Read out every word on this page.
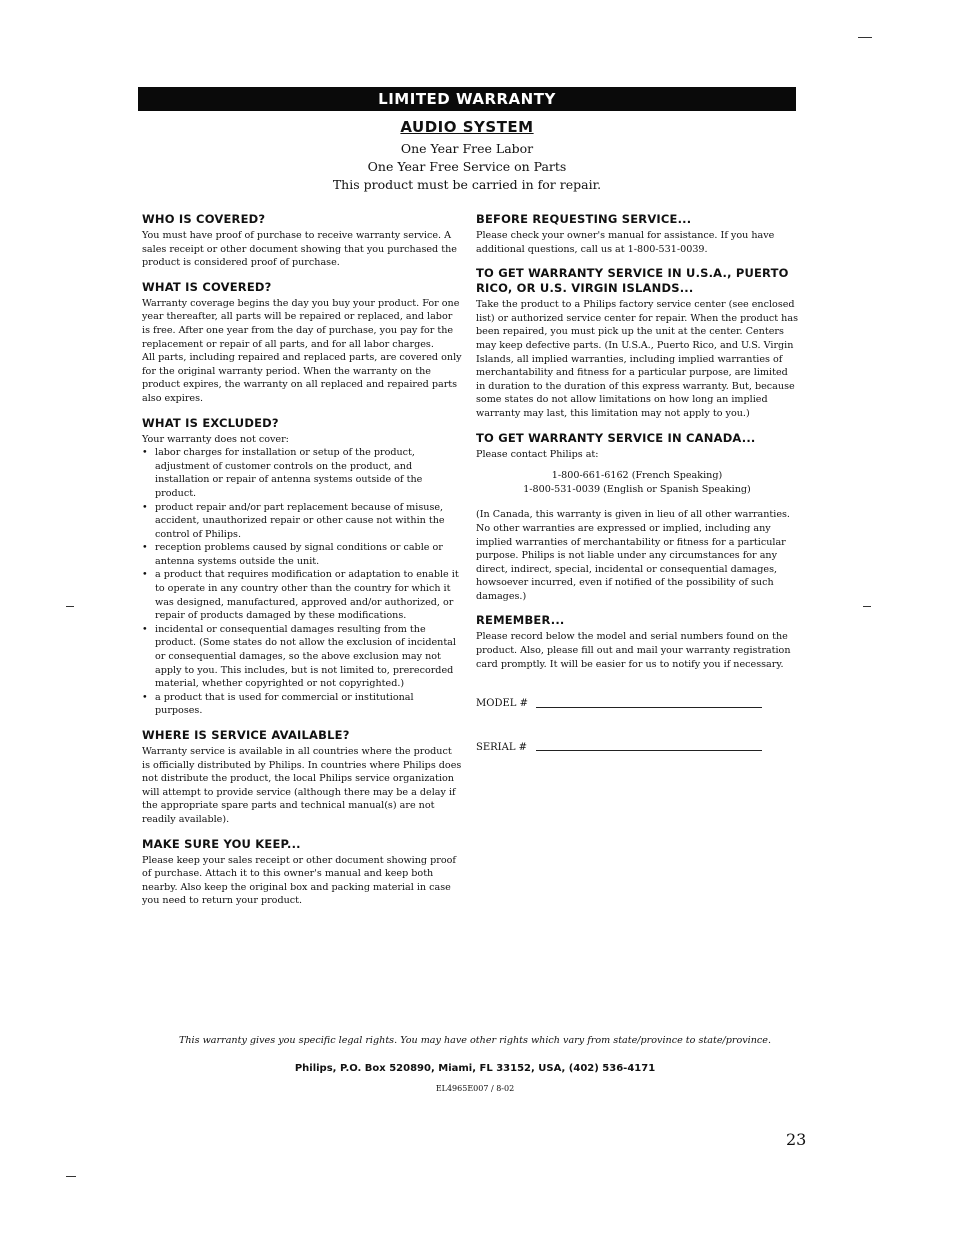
LIMITED WARRANTY
AUDIO SYSTEM
One Year Free Labor
One Year Free Service on Parts
This product must be carried in for repair.
WHO IS COVERED?

You must have proof of purchase to receive warranty service. A sales receipt or other document showing that you purchased the product is considered proof of purchase.

WHAT IS COVERED?

Warranty coverage begins the day you buy your product. For one year thereafter, all parts will be repaired or replaced, and labor is free. After one year from the day of purchase, you pay for the replacement or repair of all parts, and for all labor charges.

All parts, including repaired and replaced parts, are covered only for the original warranty period. When the warranty on the product expires, the warranty on all replaced and repaired parts also expires.

WHAT IS EXCLUDED?
Your warranty does not cover:
• labor charges for installation or setup of the product, adjustment of customer controls on the product, and installation or repair of antenna systems outside of the product.
• product repair and/or part replacement because of misuse, accident, unauthorized repair or other cause not within the control of Philips.
• reception problems caused by signal conditions or cable or antenna systems outside the unit.
• a product that requires modification or adaptation to enable it to operate in any country other than the country for which it was designed, manufactured, approved and/or authorized, or repair of products damaged by these modifications.
• incidental or consequential damages resulting from the product. (Some states do not allow the exclusion of incidental or consequential damages, so the above exclusion may not apply to you. This includes, but is not limited to, prerecorded material, whether copyrighted or not copyrighted.)
• a product that is used for commercial or institutional purposes.
WHERE IS SERVICE AVAILABLE?

Warranty service is available in all countries where the product is officially distributed by Philips. In countries where Philips does not distribute the product, the local Philips service organization will attempt to provide service (although there may be a delay if the appropriate spare parts and technical manual(s) are not readily available).

MAKE SURE YOU KEEP...

Please keep your sales receipt or other document showing proof of purchase. Attach it to this owner's manual and keep both nearby. Also keep the original box and packing material in case you need to return your product.

BEFORE REQUESTING SERVICE...

Please check your owner's manual for assistance. If you have additional questions, call us at 1-800-531-0039.

TO GET WARRANTY SERVICE IN U.S.A., PUERTO RICO, OR U.S. VIRGIN ISLANDS...

Take the product to a Philips factory service center (see enclosed list) or authorized service center for repair. When the product has been repaired, you must pick up the unit at the center. Centers may keep defective parts. (In U.S.A., Puerto Rico, and U.S. Virgin Islands, all implied warranties, including implied warranties of merchantability and fitness for a particular purpose, are limited in duration to the duration of this express warranty. But, because some states do not allow limitations on how long an implied warranty may last, this limitation may not apply to you.)

TO GET WARRANTY SERVICE IN CANADA...
Please contact Philips at:
1-800-661-6162 (French Speaking)
1-800-531-0039 (English or Spanish Speaking)

(In Canada, this warranty is given in lieu of all other warranties. No other warranties are expressed or implied, including any implied warranties of merchantability or fitness for a particular purpose. Philips is not liable under any circumstances for any direct, indirect, special, incidental or consequential damages, howsoever incurred, even if notified of the possibility of such damages.)

REMEMBER...

Please record below the model and serial numbers found on the product. Also, please fill out and mail your warranty registration card promptly. It will be easier for us to notify you if necessary.

MODEL #
SERIAL #
This warranty gives you specific legal rights. You may have other rights which vary from state/province to state/province.
Philips, P.O. Box 520890, Miami, FL 33152, USA, (402) 536-4171
EL4965E007 / 8-02
23
